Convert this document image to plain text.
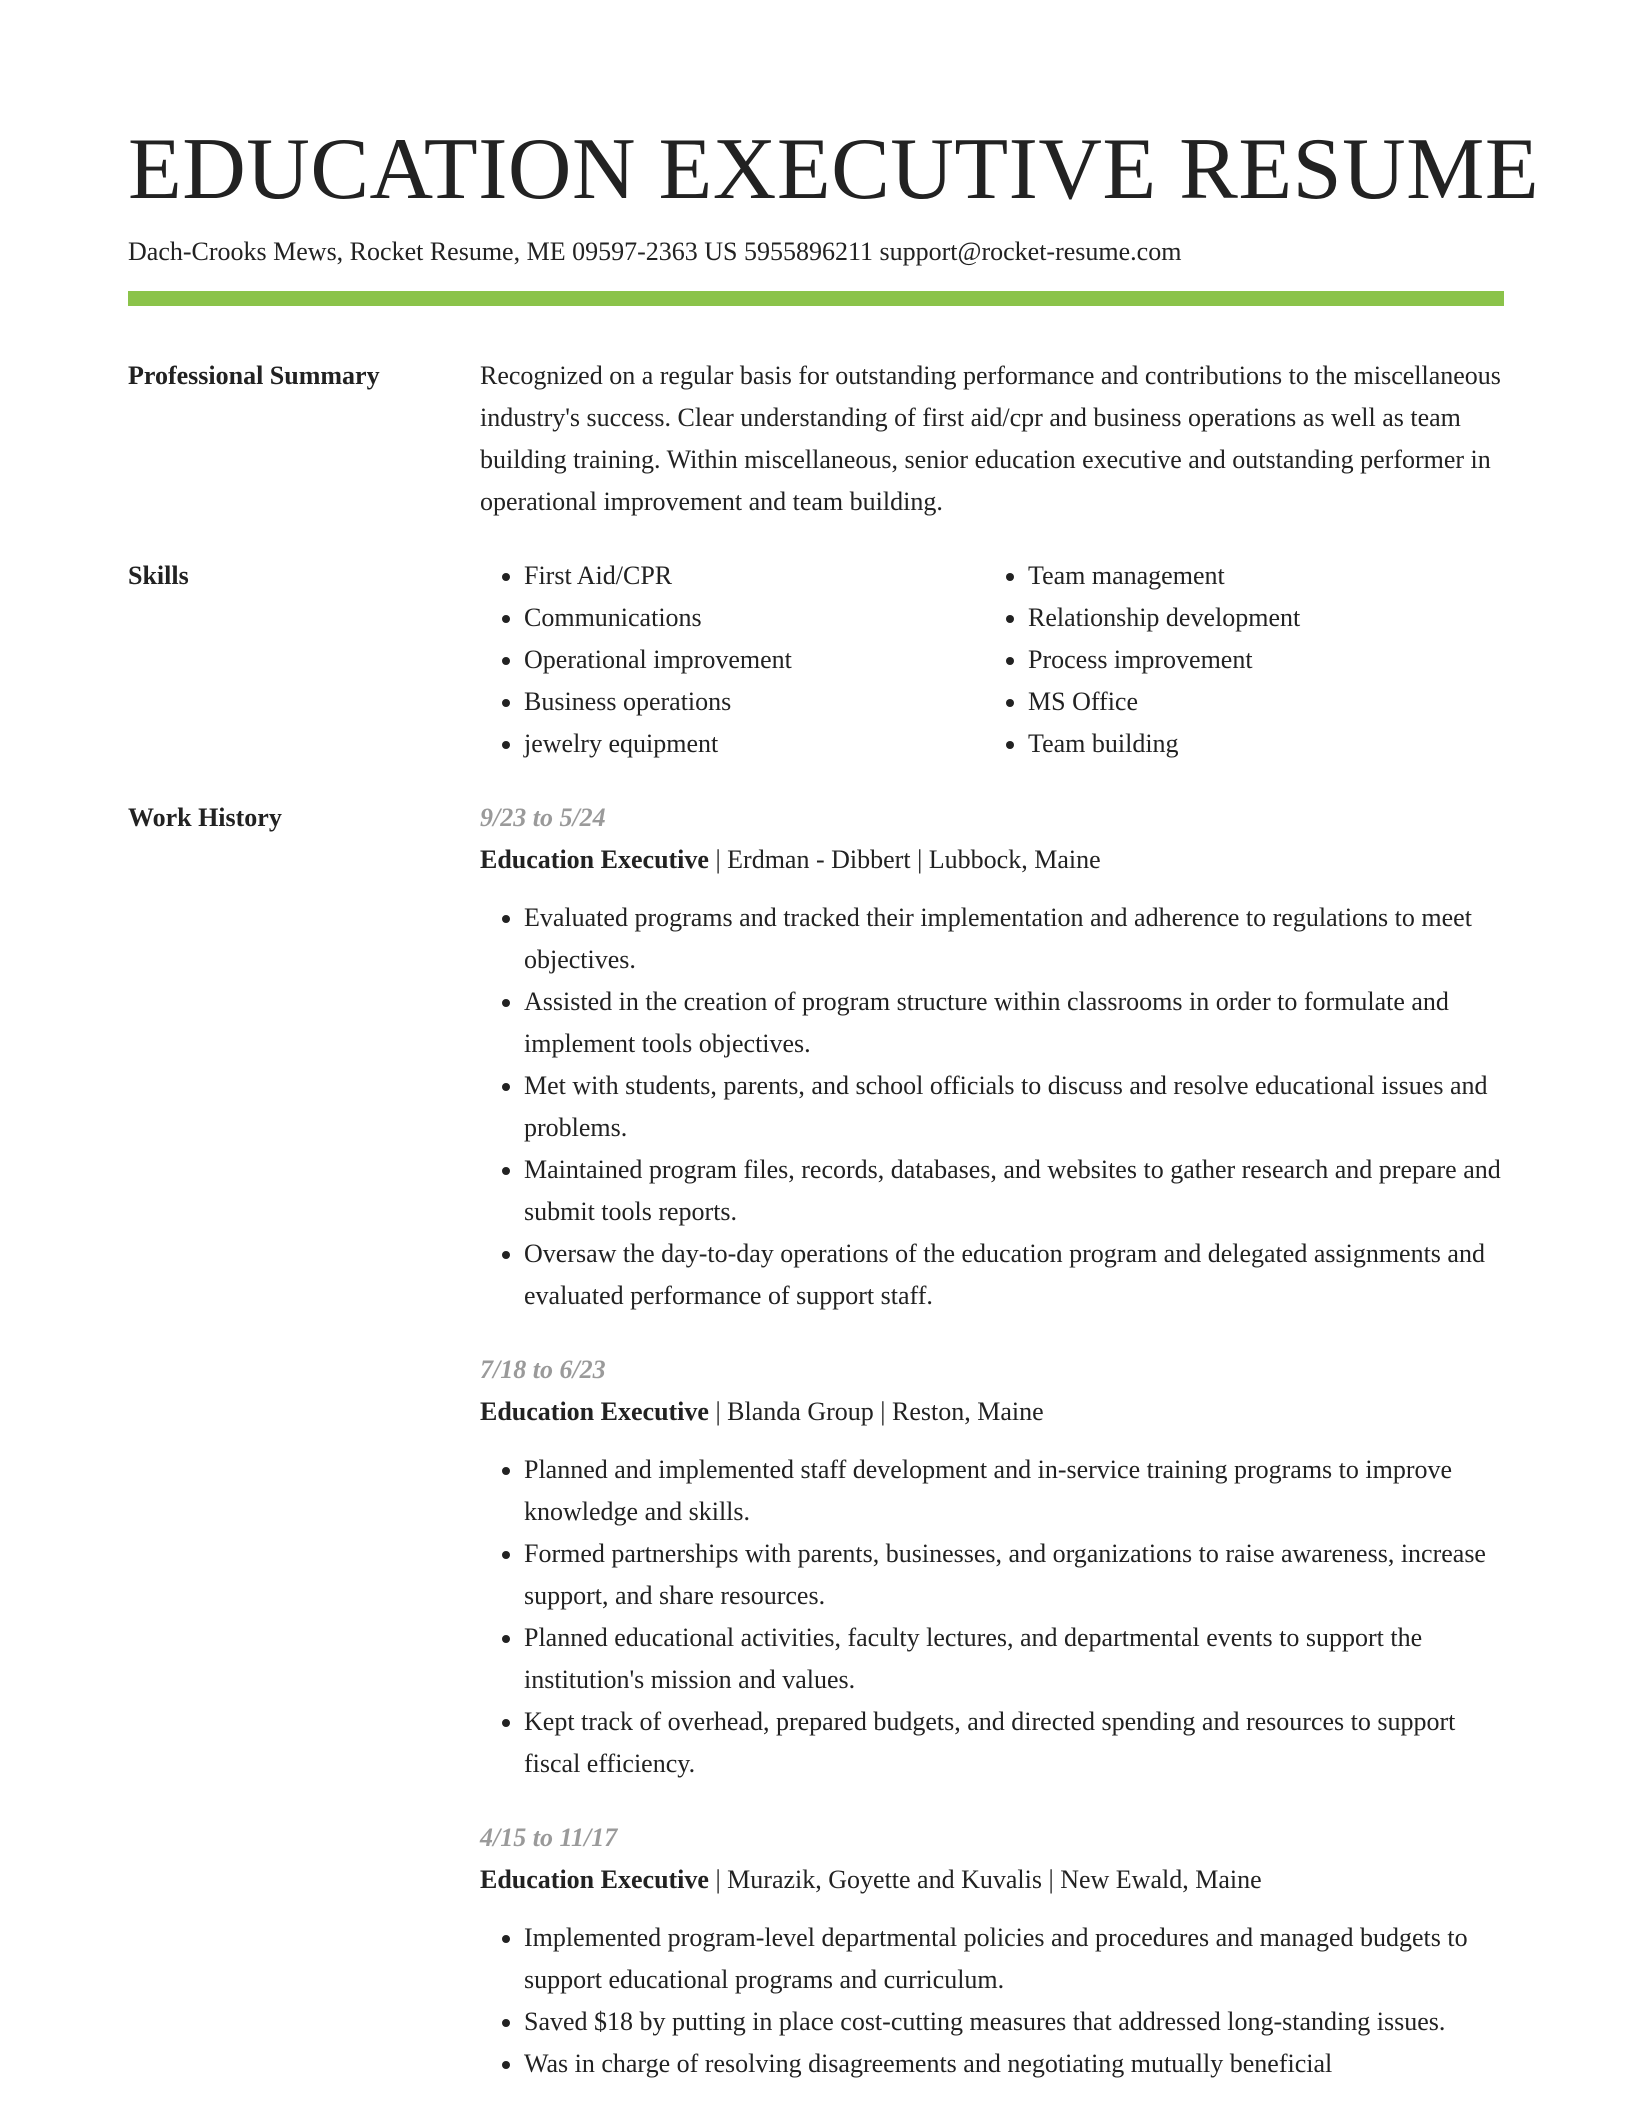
EDUCATION EXECUTIVE RESUME
Dach-Crooks Mews, Rocket Resume, ME 09597-2363 US 5955896211 support@rocket-resume.com
Professional Summary	Recognized on a regular basis for outstanding performance and contributions to the miscellaneous industry's success. Clear understanding of first aid/cpr and business operations as well as team building training. Within miscellaneous, senior education executive and outstanding performer in operational improvement and team building.
Skills
•	First Aid/CPR
• Communications
• Operational improvement
• Business operations
• jewelry equipment
• Team management
• Relationship development
• Process improvement
• MS Office
• Team building
Work History	9/23 to 5/24
Education Executive | Erdman - Dibbert | Lubbock, Maine
• Evaluated programs and tracked their implementation and adherence to regulations to meet objectives.
• Assisted in the creation of program structure within classrooms in order to formulate and implement tools objectives.
• Met with students, parents, and school officials to discuss and resolve educational issues and problems.
• Maintained program files, records, databases, and websites to gather research and prepare and submit tools reports.
• Oversaw the day-to-day operations of the education program and delegated assignments and evaluated performance of support staff.
7/18 to 6/23
Education Executive | Blanda Group | Reston, Maine
• Planned and implemented staff development and in-service training programs to improve knowledge and skills.
• Formed partnerships with parents, businesses, and organizations to raise awareness, increase support, and share resources.
• Planned educational activities, faculty lectures, and departmental events to support the institution's mission and values.
• Kept track of overhead, prepared budgets, and directed spending and resources to support fiscal efficiency.
4/15 to 11/17
Education Executive | Murazik, Goyette and Kuvalis | New Ewald, Maine
• Implemented program-level departmental policies and procedures and managed budgets to support educational programs and curriculum.
• Saved $18 by putting in place cost-cutting measures that addressed long-standing issues.
• Was in charge of resolving disagreements and negotiating mutually beneficial
